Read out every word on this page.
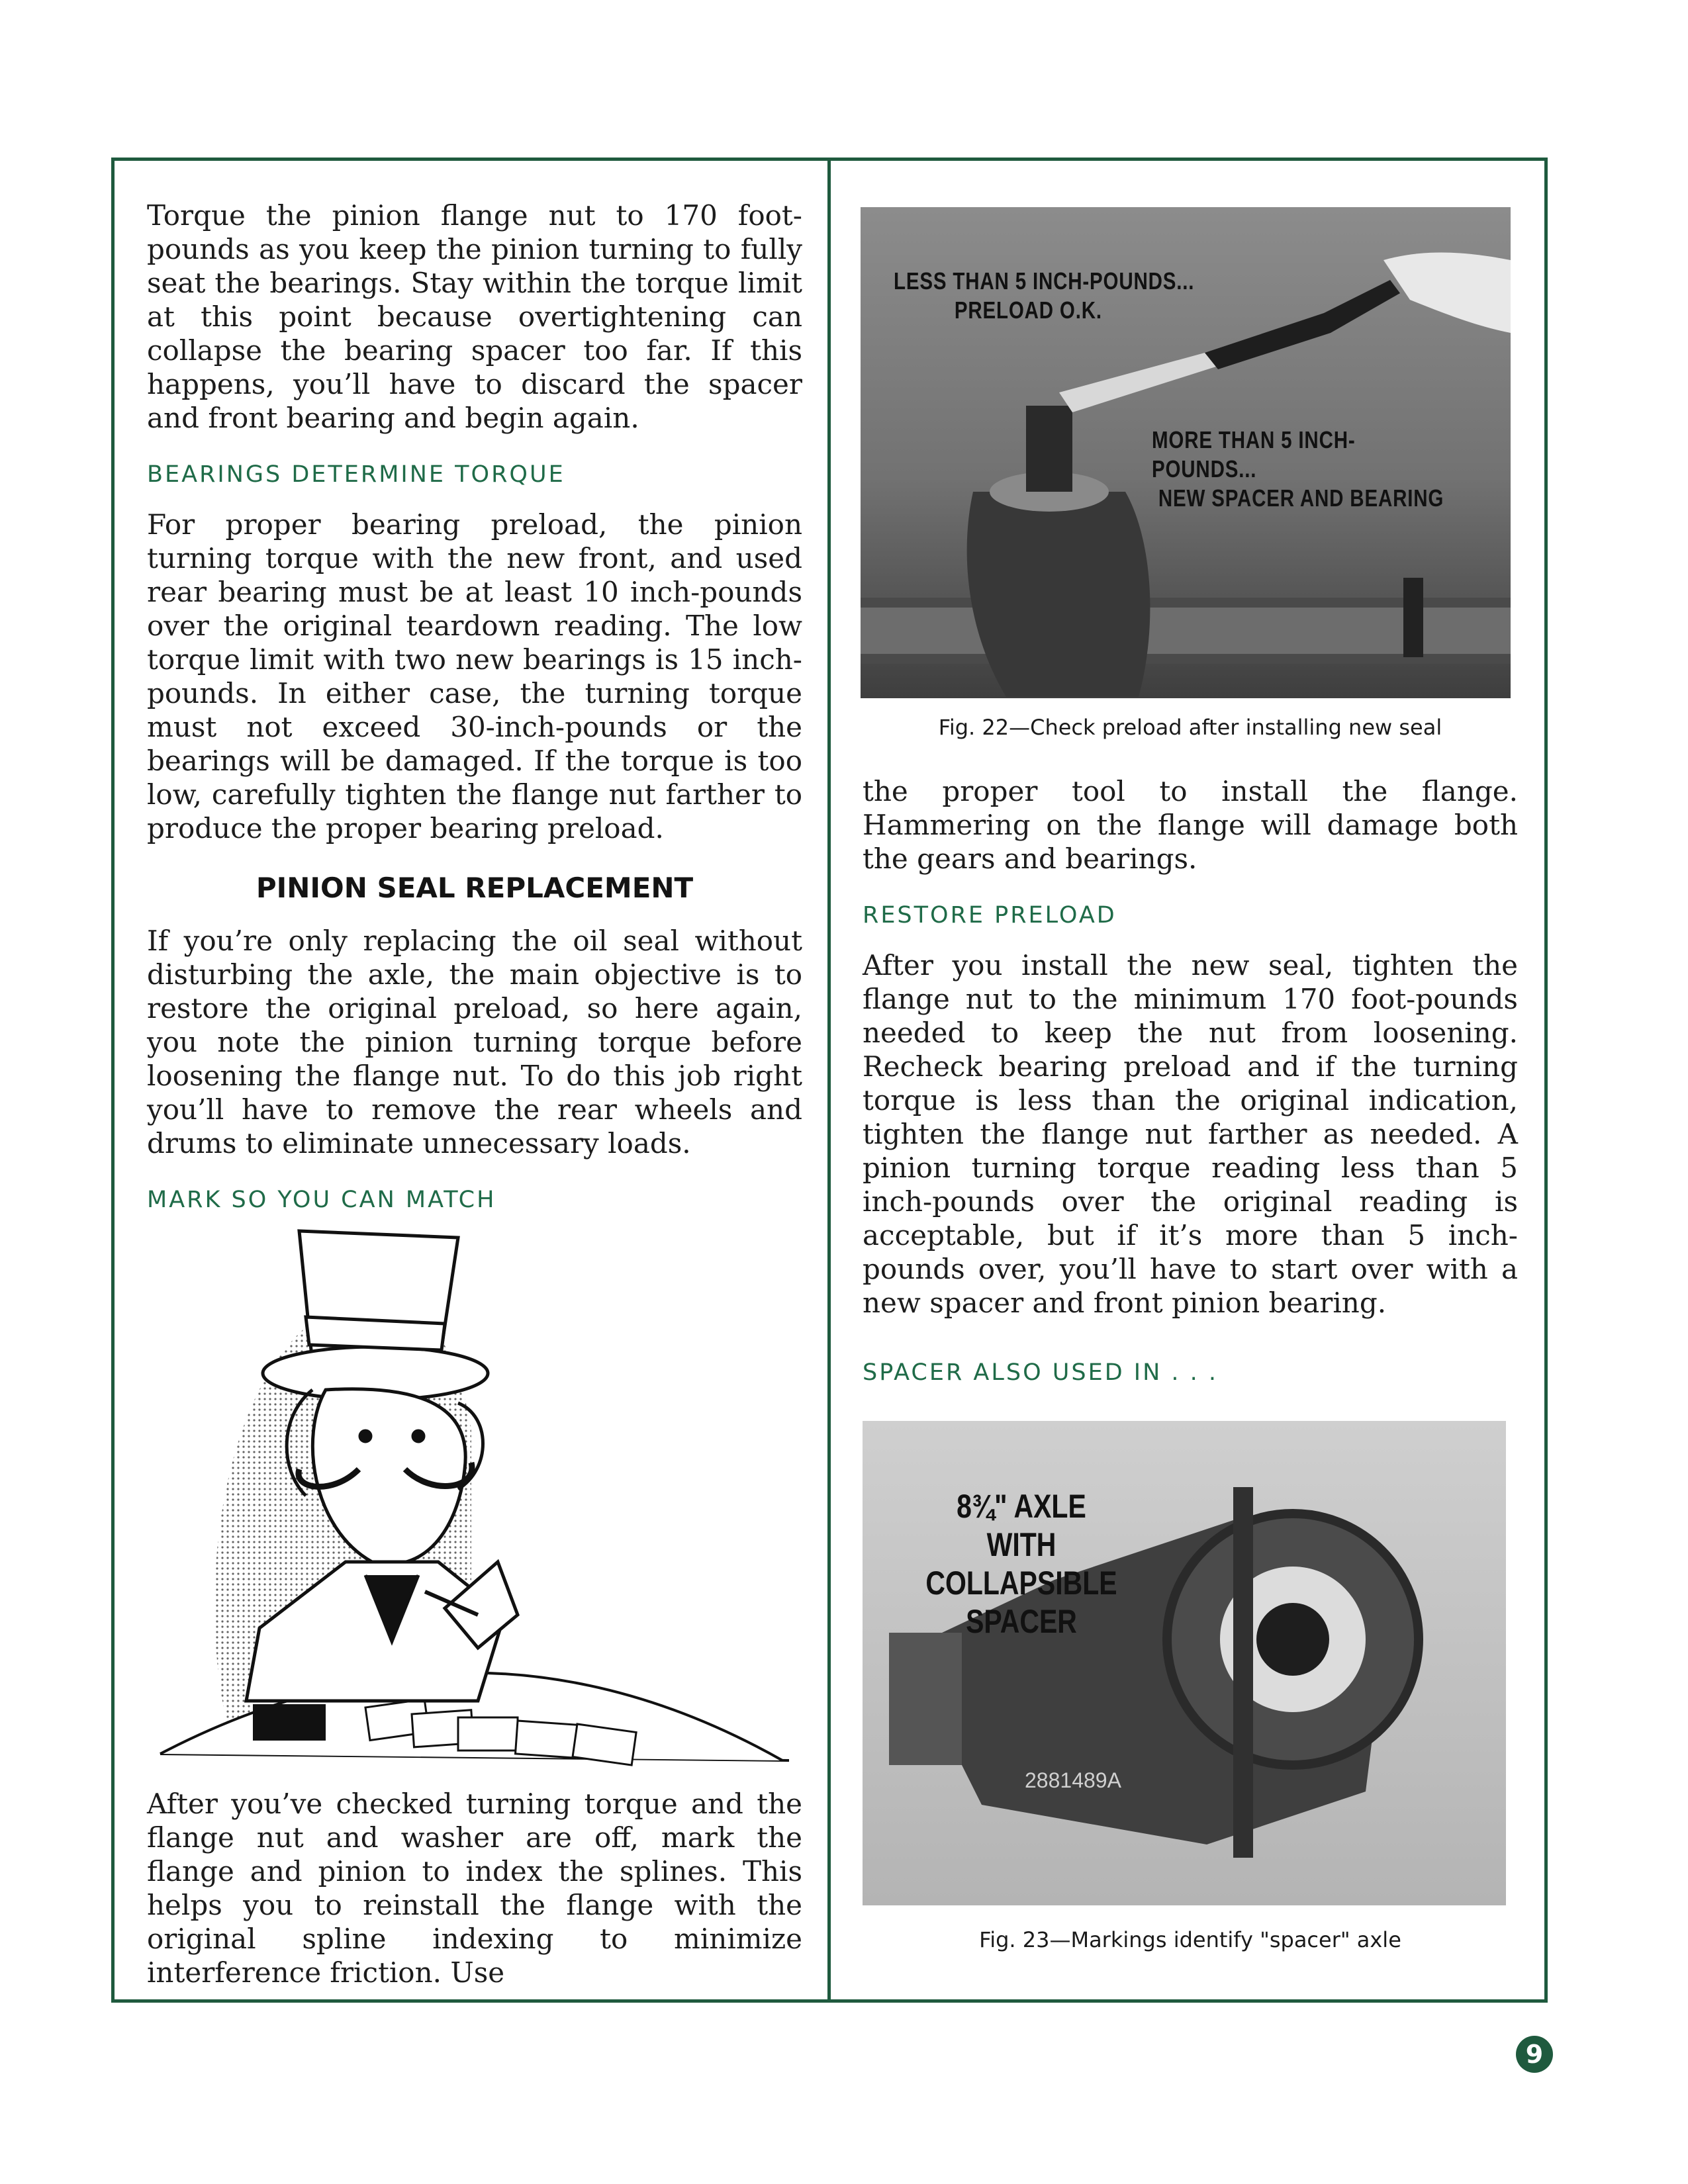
Torque the pinion flange nut to 170 foot-pounds as you keep the pinion turning to fully seat the bearings. Stay within the torque limit at this point because overtightening can collapse the bearing spacer too far. If this happens, you’ll have to discard the spacer and front bearing and begin again.

BEARINGS DETERMINE TORQUE

For proper bearing preload, the pinion turning torque with the new front, and used rear bearing must be at least 10 inch-pounds over the original teardown reading. The low torque limit with two new bearings is 15 inch-pounds. In either case, the turning torque must not exceed 30-inch-pounds or the bearings will be damaged. If the torque is too low, carefully tighten the flange nut farther to produce the proper bearing preload.

PINION SEAL REPLACEMENT

If you’re only replacing the oil seal without disturbing the axle, the main objective is to restore the original preload, so here again, you note the pinion turning torque before loosening the flange nut. To do this job right you’ll have to remove the rear wheels and drums to eliminate unnecessary loads.

MARK SO YOU CAN MATCH

After you’ve checked turning torque and the flange nut and washer are off, mark the flange and pinion to index the splines. This helps you to reinstall the flange with the original spline indexing to minimize interference friction. Use

LESS THAN 5 INCH-POUNDS...
PRELOAD O.K.
MORE THAN 5 INCH-POUNDS...
NEW SPACER AND BEARING

Fig. 22—Check preload after installing new seal

the proper tool to install the flange. Hammering on the flange will damage both the gears and bearings.

RESTORE PRELOAD

After you install the new seal, tighten the flange nut to the minimum 170 foot-pounds needed to keep the nut from loosening. Recheck bearing preload and if the turning torque is less than the original indication, tighten the flange nut farther as needed. A pinion turning torque reading less than 5 inch-pounds over the original reading is acceptable, but if it’s more than 5 inch-pounds over, you’ll have to start over with a new spacer and front pinion bearing.

SPACER ALSO USED IN . . .

8¾" AXLE WITH
COLLAPSIBLE
SPACER
2881489A

Fig. 23—Markings identify "spacer" axle

9
